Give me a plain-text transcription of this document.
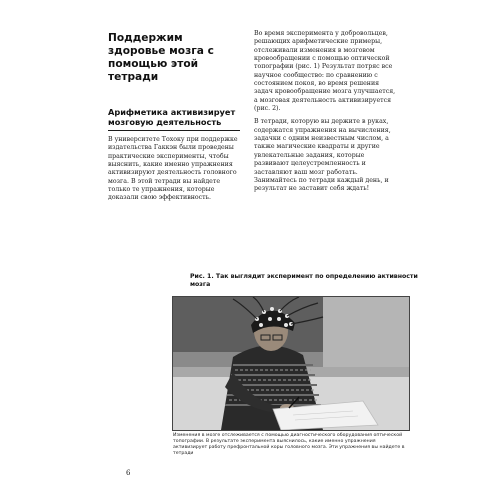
Поддержим здоровье мозга с помощью этой тетради
Арифметика активизирует мозговую деятельность

В университете Тохоку при поддержке издательства Гаккэн были проведены практические эксперименты, чтобы выяснить, какие именно упражнения активизируют деятельность головного мозга. В этой тетради вы найдете только те упражнения, которые доказали свою эффективность.

Во время эксперимента у добровольцев, решающих арифметические примеры, отслеживали изменения в мозговом кровообращении с помощью оптической топографии (рис. 1) Результат потряс все научное сообщество: по сравнению с состоянием покоя, во время решения задач кровообращение мозга улучшается, а мозговая деятельность активизируется (рис. 2).

В тетради, которую вы держите в руках, содержатся упражнения на вычисления, задачки с одним неизвестным числом, а также магические квадраты и другие увлекательные задания, которые развивают целеустремленность и заставляют ваш мозг работать. Занимайтесь по тетради каждый день, и результат не заставит себя ждать!

Рис. 1. Так выглядит эксперимент по определению активности мозга

Изменения в мозге отслеживается с помощью диагностического оборудования оптической топографии. В результате эксперимента выяснилось, какие именно упражнения активизирует работу префронтальной коры головного мозга. Эти упражнения вы найдете в тетради

6
